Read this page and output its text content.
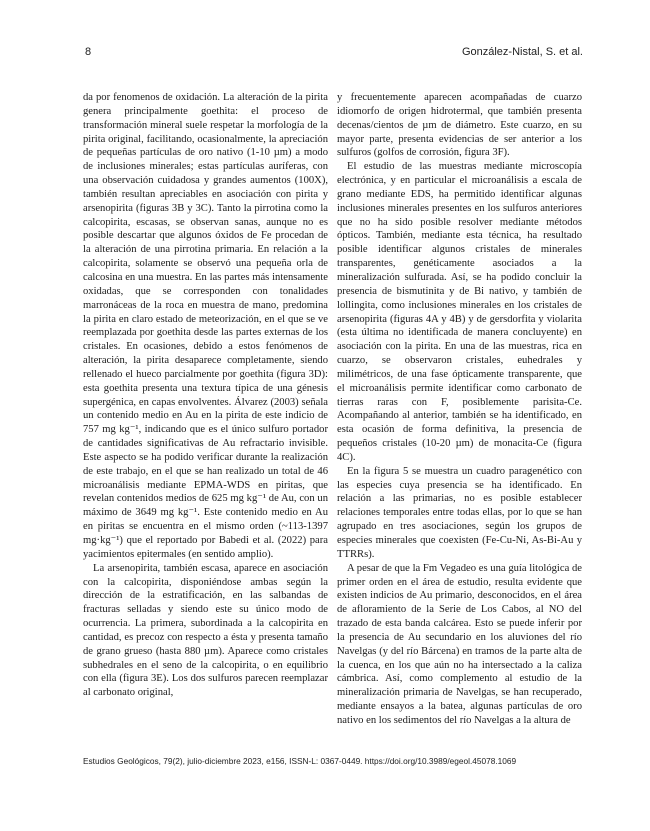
8	González-Nistal, S. et al.

da por fenomenos de oxidación. La alteración de la pirita genera principalmente goethita: el proceso de transformación mineral suele respetar la morfología de la pirita original, facilitando, ocasionalmente, la apreciación de pequeñas partículas de oro nativo (1-10 µm) a modo de inclusiones minerales; estas partículas auríferas, con una observación cuidadosa y grandes aumentos (100X), también resultan apreciables en asociación con pirita y arsenopirita (figuras 3B y 3C). Tanto la pirrotina como la calcopirita, escasas, se observan sanas, aunque no es posible descartar que algunos óxidos de Fe procedan de la alteración de una pirrotina primaria. En relación a la calcopirita, solamente se observó una pequeña orla de calcosina en una muestra. En las partes más intensamente oxidadas, que se corresponden con tonalidades marronáceas de la roca en muestra de mano, predomina la pirita en claro estado de meteorización, en el que se ve reemplazada por goethita desde las partes externas de los cristales. En ocasiones, debido a estos fenómenos de alteración, la pirita desaparece completamente, siendo rellenado el hueco parcialmente por goethita (figura 3D): esta goethita presenta una textura típica de una génesis supergénica, en capas envolventes. Álvarez (2003) señala un contenido medio en Au en la pirita de este indicio de 757 mg kg⁻¹, indicando que es el único sulfuro portador de cantidades significativas de Au refractario invisible. Este aspecto se ha podido verificar durante la realización de este trabajo, en el que se han realizado un total de 46 microanálisis mediante EPMA-WDS en piritas, que revelan contenidos medios de 625 mg kg⁻¹ de Au, con un máximo de 3649 mg kg⁻¹. Este contenido medio en Au en piritas se encuentra en el mismo orden (~113-1397 mg·kg⁻¹) que el reportado por Babedi et al. (2022) para yacimientos epitermales (en sentido amplio).

La arsenopirita, también escasa, aparece en asociación con la calcopirita, disponiéndose ambas según la dirección de la estratificación, en las salbandas de fracturas selladas y siendo este su único modo de ocurrencia. La primera, subordinada a la calcopirita en cantidad, es precoz con respecto a ésta y presenta tamaño de grano grueso (hasta 880 µm). Aparece como cristales subhedrales en el seno de la calcopirita, o en equilibrio con ella (figura 3E). Los dos sulfuros parecen reemplazar al carbonato original,

y frecuentemente aparecen acompañadas de cuarzo idiomorfo de origen hidrotermal, que también presenta decenas/cientos de µm de diámetro. Este cuarzo, en su mayor parte, presenta evidencias de ser anterior a los sulfuros (golfos de corrosión, figura 3F).

El estudio de las muestras mediante microscopía electrónica, y en particular el microanálisis a escala de grano mediante EDS, ha permitido identificar algunas inclusiones minerales presentes en los sulfuros anteriores que no ha sido posible resolver mediante métodos ópticos. También, mediante esta técnica, ha resultado posible identificar algunos cristales de minerales transparentes, genéticamente asociados a la mineralización sulfurada. Así, se ha podido concluir la presencia de bismutinita y de Bi nativo, y también de lollingita, como inclusiones minerales en los cristales de arsenopirita (figuras 4A y 4B) y de gersdorfita y violarita (esta última no identificada de manera concluyente) en asociación con la pirita. En una de las muestras, rica en cuarzo, se observaron cristales, euhedrales y milimétricos, de una fase ópticamente transparente, que el microanálisis permite identificar como carbonato de tierras raras con F, posiblemente parisita-Ce. Acompañando al anterior, también se ha identificado, en esta ocasión de forma definitiva, la presencia de pequeños cristales (10-20 µm) de monacita-Ce (figura 4C).

En la figura 5 se muestra un cuadro paragenético con las especies cuya presencia se ha identificado. En relación a las primarias, no es posible establecer relaciones temporales entre todas ellas, por lo que se han agrupado en tres asociaciones, según los grupos de especies minerales que coexisten (Fe-Cu-Ni, As-Bi-Au y TTRRs).

A pesar de que la Fm Vegadeo es una guía litológica de primer orden en el área de estudio, resulta evidente que existen indicios de Au primario, desconocidos, en el área de afloramiento de la Serie de Los Cabos, al NO del trazado de esta banda calcárea. Esto se puede inferir por la presencia de Au secundario en los aluviones del río Navelgas (y del río Bárcena) en tramos de la parte alta de la cuenca, en los que aún no ha intersectado a la caliza cámbrica. Así, como complemento al estudio de la mineralización primaria de Navelgas, se han recuperado, mediante ensayos a la batea, algunas partículas de oro nativo en los sedimentos del río Navelgas a la altura de

Estudios Geológicos, 79(2), julio-diciembre 2023, e156, ISSN-L: 0367-0449. https://doi.org/10.3989/egeol.45078.1069
